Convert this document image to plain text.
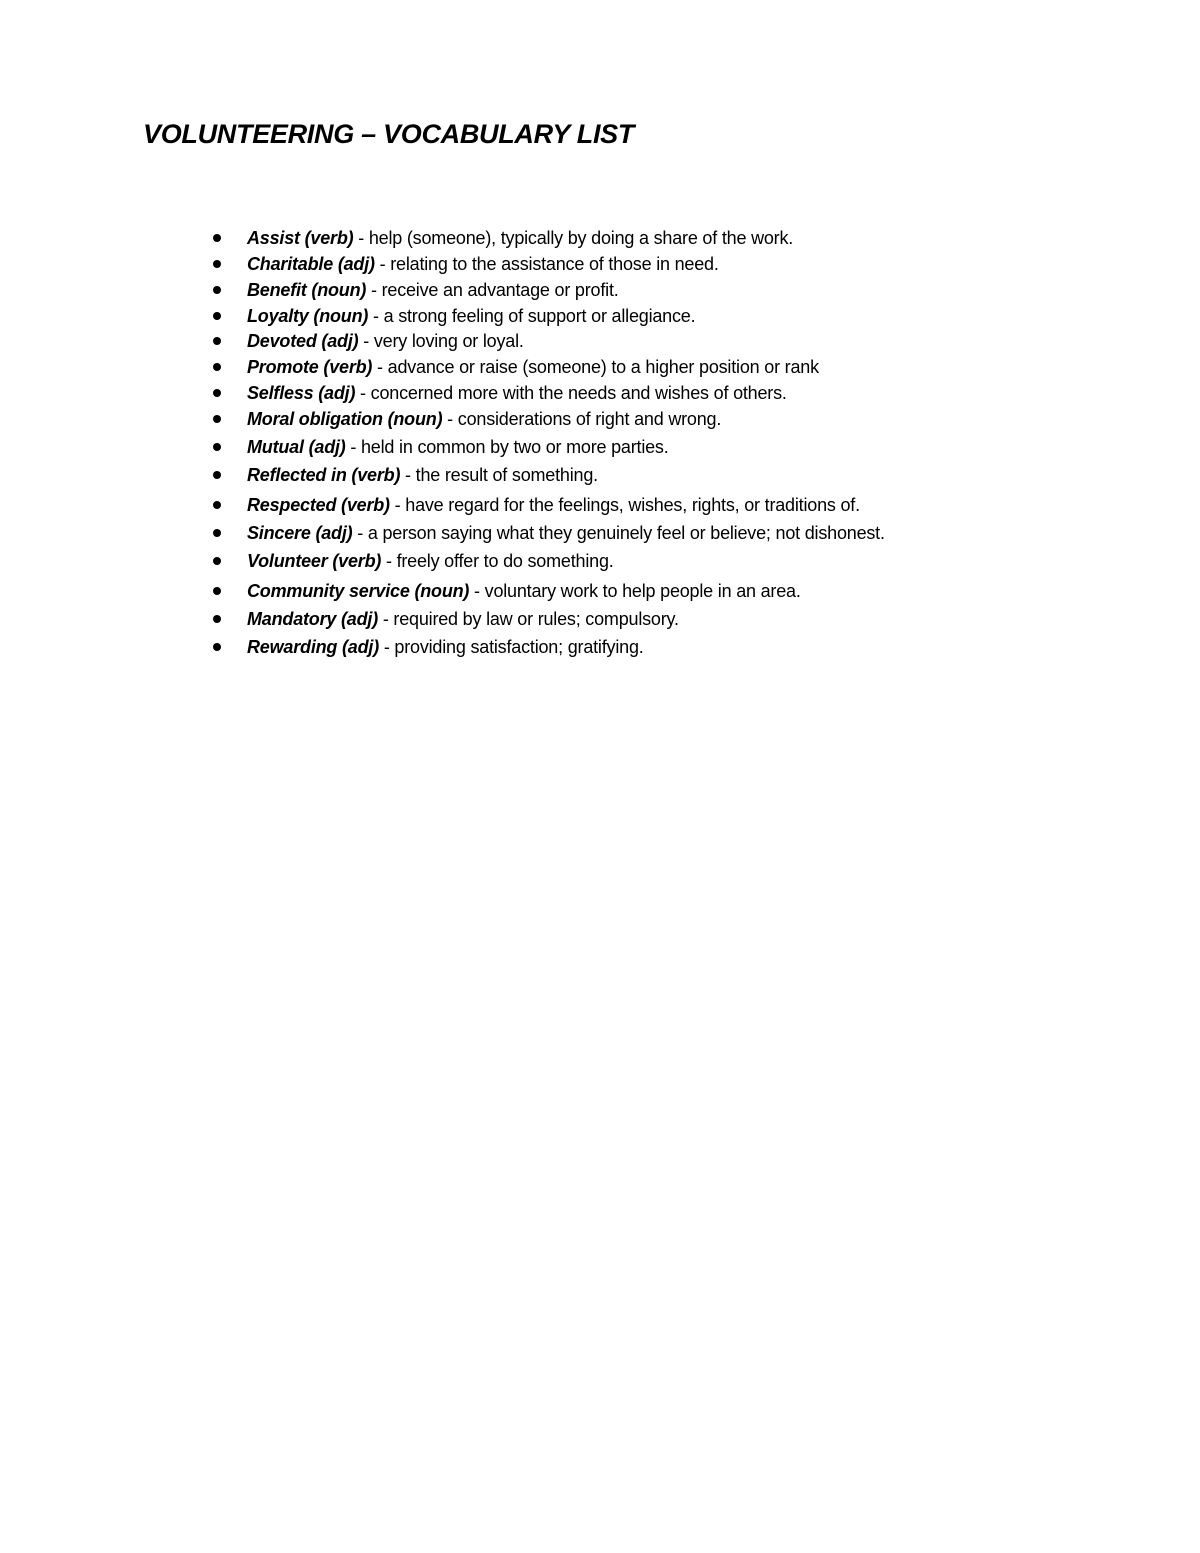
VOLUNTEERING – VOCABULARY LIST
Assist (verb) - help (someone), typically by doing a share of the work.
Charitable (adj) - relating to the assistance of those in need.
Benefit (noun) - receive an advantage or profit.
Loyalty (noun) - a strong feeling of support or allegiance.
Devoted (adj) - very loving or loyal.
Promote (verb) - advance or raise (someone) to a higher position or rank
Selfless (adj) - concerned more with the needs and wishes of others.
Moral obligation (noun) - considerations of right and wrong.
Mutual (adj) - held in common by two or more parties.
Reflected in (verb) - the result of something.
Respected (verb) - have regard for the feelings, wishes, rights, or traditions of.
Sincere (adj) - a person saying what they genuinely feel or believe; not dishonest.
Volunteer (verb) - freely offer to do something.
Community service (noun) - voluntary work to help people in an area.
Mandatory (adj) - required by law or rules; compulsory.
Rewarding (adj) - providing satisfaction; gratifying.
